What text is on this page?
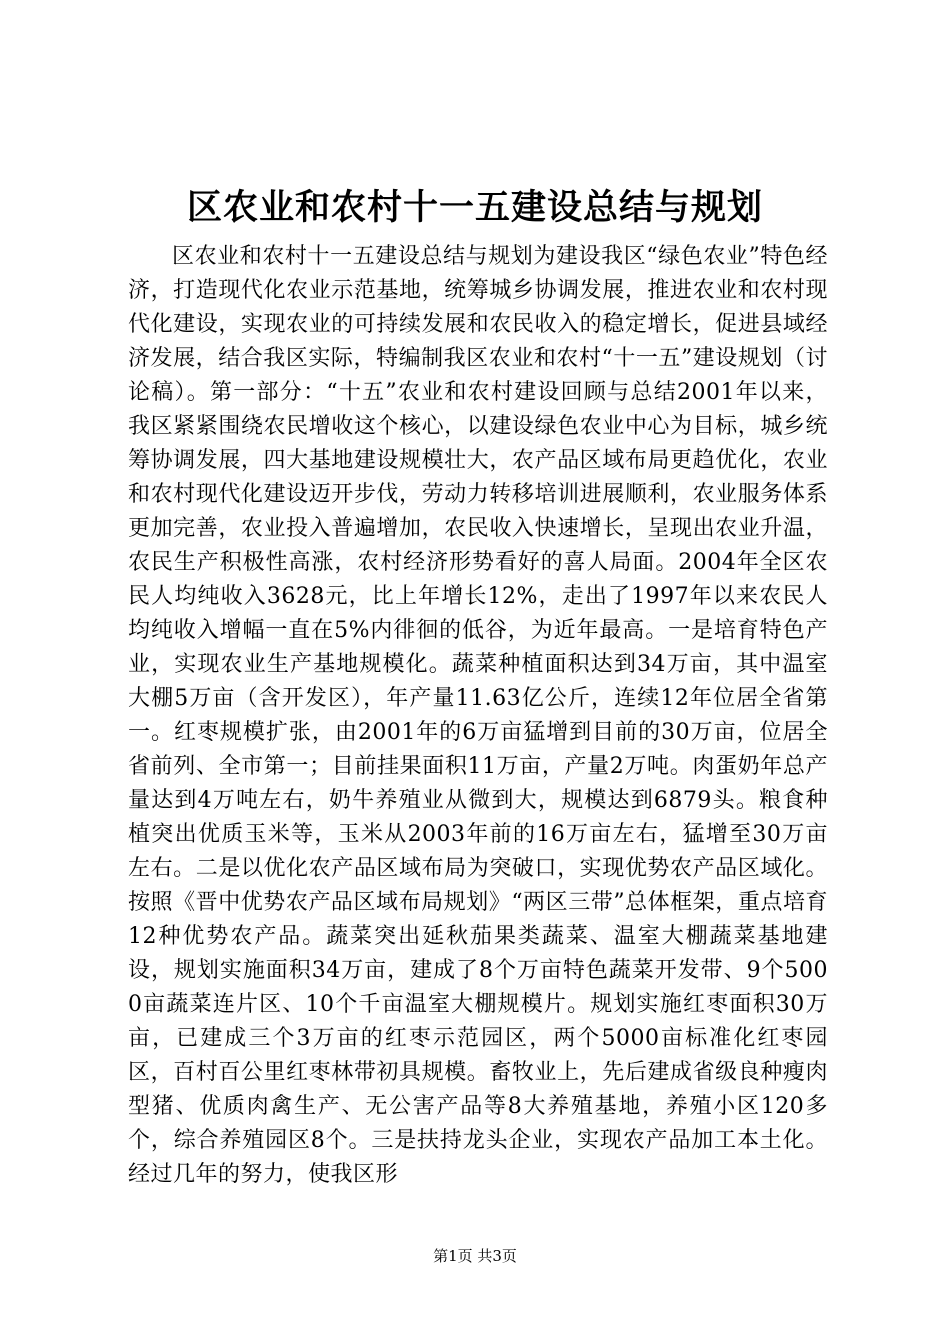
区农业和农村十一五建设总结与规划

区农业和农村十一五建设总结与规划为建设我区“绿色农业”特色经济，打造现代化农业示范基地，统筹城乡协调发展，推进农业和农村现代化建设，实现农业的可持续发展和农民收入的稳定增长，促进县域经济发展，结合我区实际，特编制我区农业和农村“十一五”建设规划（讨论稿）。第一部分：“十五”农业和农村建设回顾与总结2001年以来，我区紧紧围绕农民增收这个核心，以建设绿色农业中心为目标，城乡统筹协调发展，四大基地建设规模壮大，农产品区域布局更趋优化，农业和农村现代化建设迈开步伐，劳动力转移培训进展顺利，农业服务体系更加完善，农业投入普遍增加，农民收入快速增长，呈现出农业升温，农民生产积极性高涨，农村经济形势看好的喜人局面。2004年全区农民人均纯收入3628元，比上年增长12%，走出了1997年以来农民人均纯收入增幅一直在5%内徘徊的低谷，为近年最高。一是培育特色产业，实现农业生产基地规模化。蔬菜种植面积达到34万亩，其中温室大棚5万亩（含开发区），年产量11.63亿公斤，连续12年位居全省第一。红枣规模扩张，由2001年的6万亩猛增到目前的30万亩，位居全省前列、全市第一；目前挂果面积11万亩，产量2万吨。肉蛋奶年总产量达到4万吨左右，奶牛养殖业从微到大，规模达到6879头。粮食种植突出优质玉米等，玉米从2003年前的16万亩左右，猛增至30万亩左右。二是以优化农产品区域布局为突破口，实现优势农产品区域化。按照《晋中优势农产品区域布局规划》“两区三带”总体框架，重点培育12种优势农产品。蔬菜突出延秋茄果类蔬菜、温室大棚蔬菜基地建设，规划实施面积34万亩，建成了8个万亩特色蔬菜开发带、9个5000亩蔬菜连片区、10个千亩温室大棚规模片。规划实施红枣面积30万亩，已建成三个3万亩的红枣示范园区，两个5000亩标准化红枣园区，百村百公里红枣林带初具规模。畜牧业上，先后建成省级良种瘦肉型猪、优质肉禽生产、无公害产品等8大养殖基地，养殖小区120多个，综合养殖园区8个。三是扶持龙头企业，实现农产品加工本土化。经过几年的努力，使我区形

第1页 共3页
